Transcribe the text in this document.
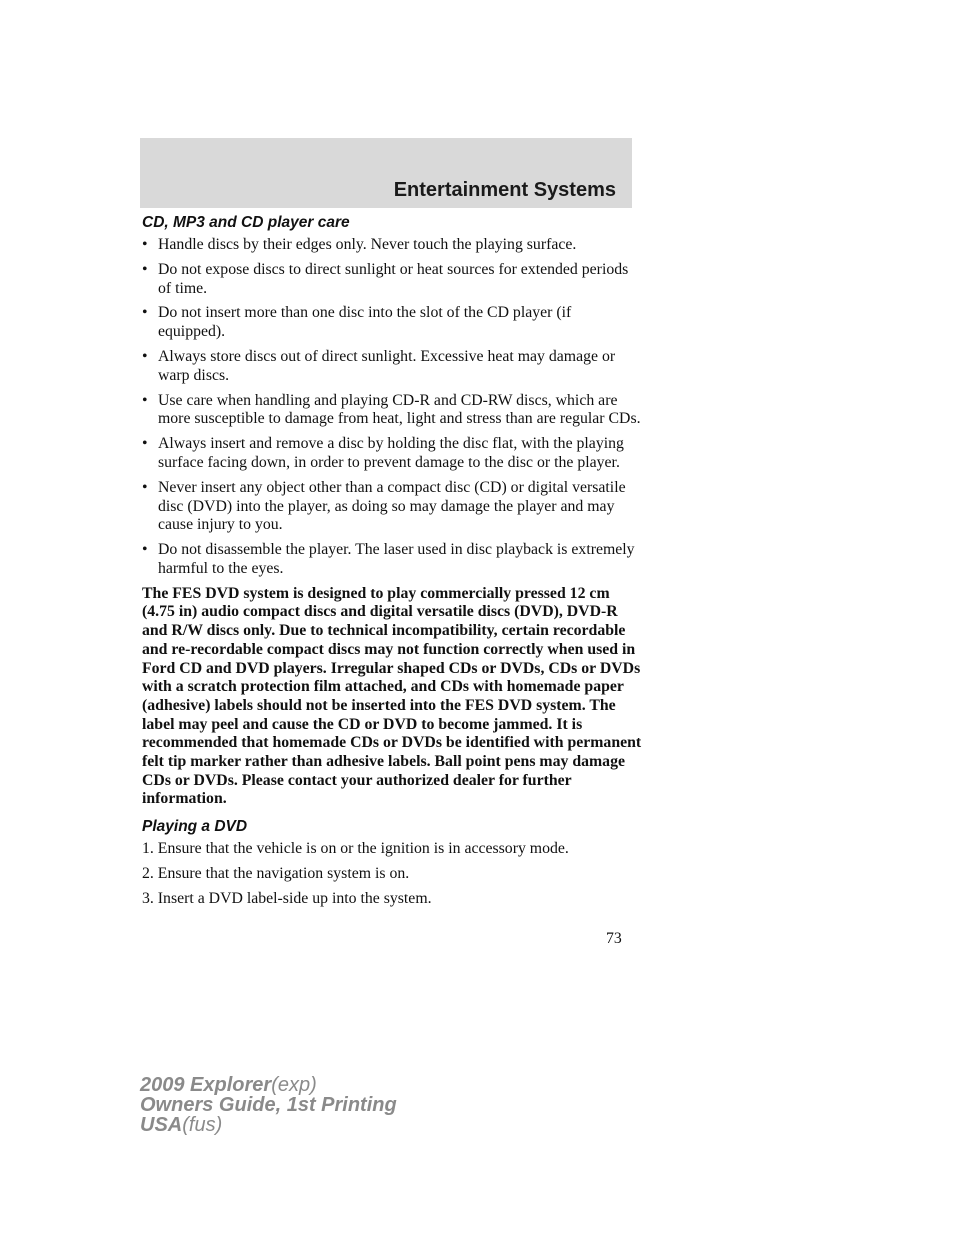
Entertainment Systems
CD, MP3 and CD player care
• Handle discs by their edges only. Never touch the playing surface.
• Do not expose discs to direct sunlight or heat sources for extended periods of time.
• Do not insert more than one disc into the slot of the CD player (if equipped).
• Always store discs out of direct sunlight. Excessive heat may damage or warp discs.
• Use care when handling and playing CD-R and CD-RW discs, which are more susceptible to damage from heat, light and stress than are regular CDs.
• Always insert and remove a disc by holding the disc flat, with the playing surface facing down, in order to prevent damage to the disc or the player.
• Never insert any object other than a compact disc (CD) or digital versatile disc (DVD) into the player, as doing so may damage the player and may cause injury to you.
• Do not disassemble the player. The laser used in disc playback is extremely harmful to the eyes.

The FES DVD system is designed to play commercially pressed 12 cm (4.75 in) audio compact discs and digital versatile discs (DVD), DVD-R and R/W discs only. Due to technical incompatibility, certain recordable and re-recordable compact discs may not function correctly when used in Ford CD and DVD players. Irregular shaped CDs or DVDs, CDs or DVDs with a scratch protection film attached, and CDs with homemade paper (adhesive) labels should not be inserted into the FES DVD system. The label may peel and cause the CD or DVD to become jammed. It is recommended that homemade CDs or DVDs be identified with permanent felt tip marker rather than adhesive labels. Ball point pens may damage CDs or DVDs. Please contact your authorized dealer for further information.

Playing a DVD

1. Ensure that the vehicle is on or the ignition is in accessory mode.

2. Ensure that the navigation system is on.

3. Insert a DVD label-side up into the system.

73
2009 Explorer(exp)
Owners Guide, 1st Printing
USA(fus)
